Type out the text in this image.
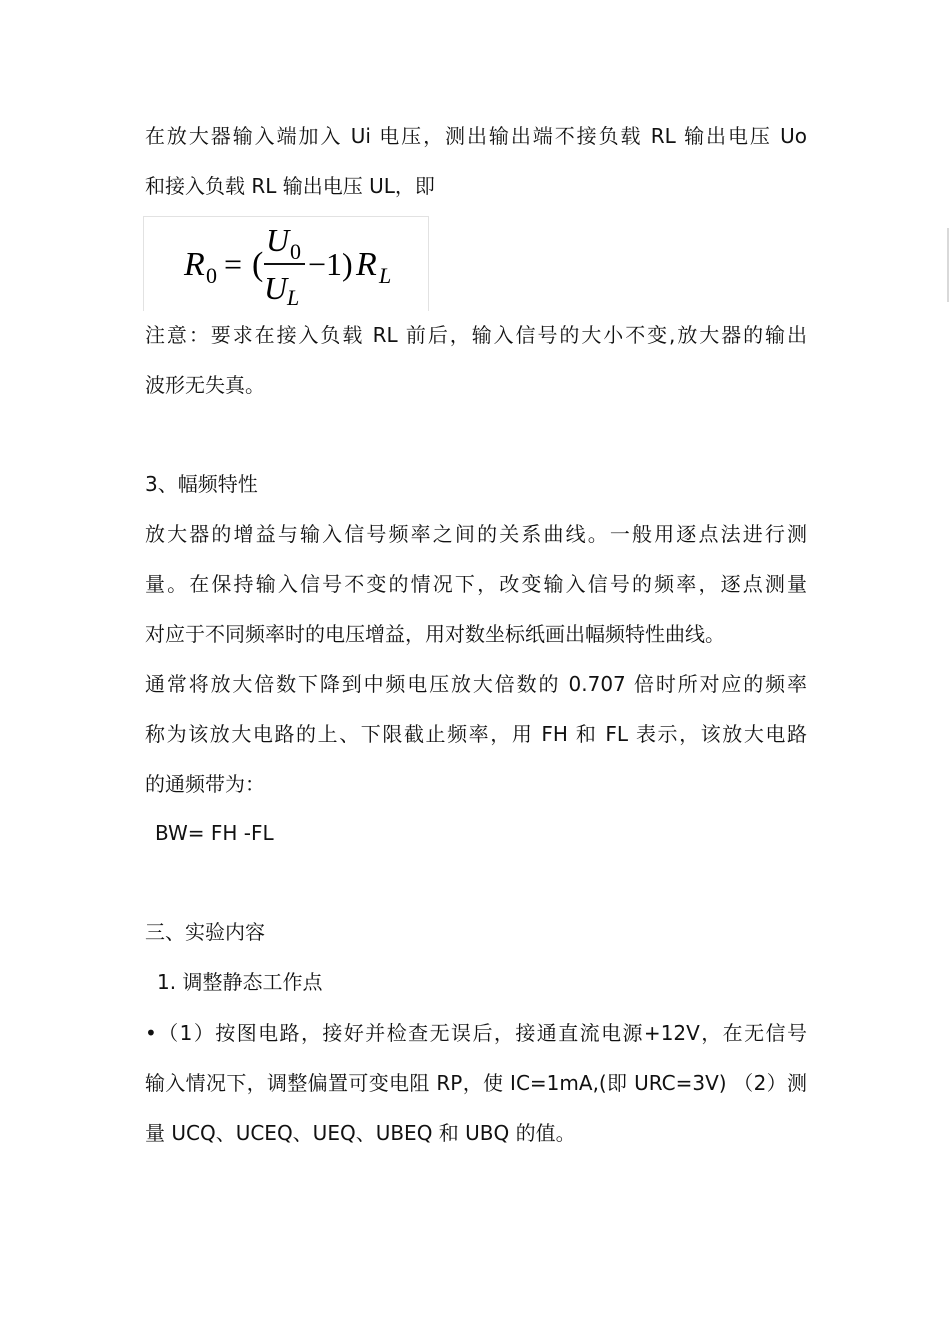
在放大器输入端加入 Ui 电压，测出输出端不接负载 RL 输出电压 Uo
和接入负载 RL 输出电压 UL，即
R 0 = (
U 0
U L
−1) R L
注意：要求在接入负载 RL 前后，输入信号的大小不变,放大器的输出
波形无失真。
3、幅频特性
放大器的增益与输入信号频率之间的关系曲线。一般用逐点法进行测
量。在保持输入信号不变的情况下，改变输入信号的频率，逐点测量
对应于不同频率时的电压增益，用对数坐标纸画出幅频特性曲线。
通常将放大倍数下降到中频电压放大倍数的 0.707 倍时所对应的频率
称为该放大电路的上、下限截止频率，用 FH 和 FL 表示，该放大电路
的通频带为：
BW= FH -FL
三、实验内容
1. 调整静态工作点
•（1）按图电路，接好并检查无误后，接通直流电源+12V，在无信号
输入情况下，调整偏置可变电阻 RP，使 IC=1mA,(即 URC=3V) （2）测
量 UCQ、UCEQ、UEQ、UBEQ 和 UBQ 的值。
